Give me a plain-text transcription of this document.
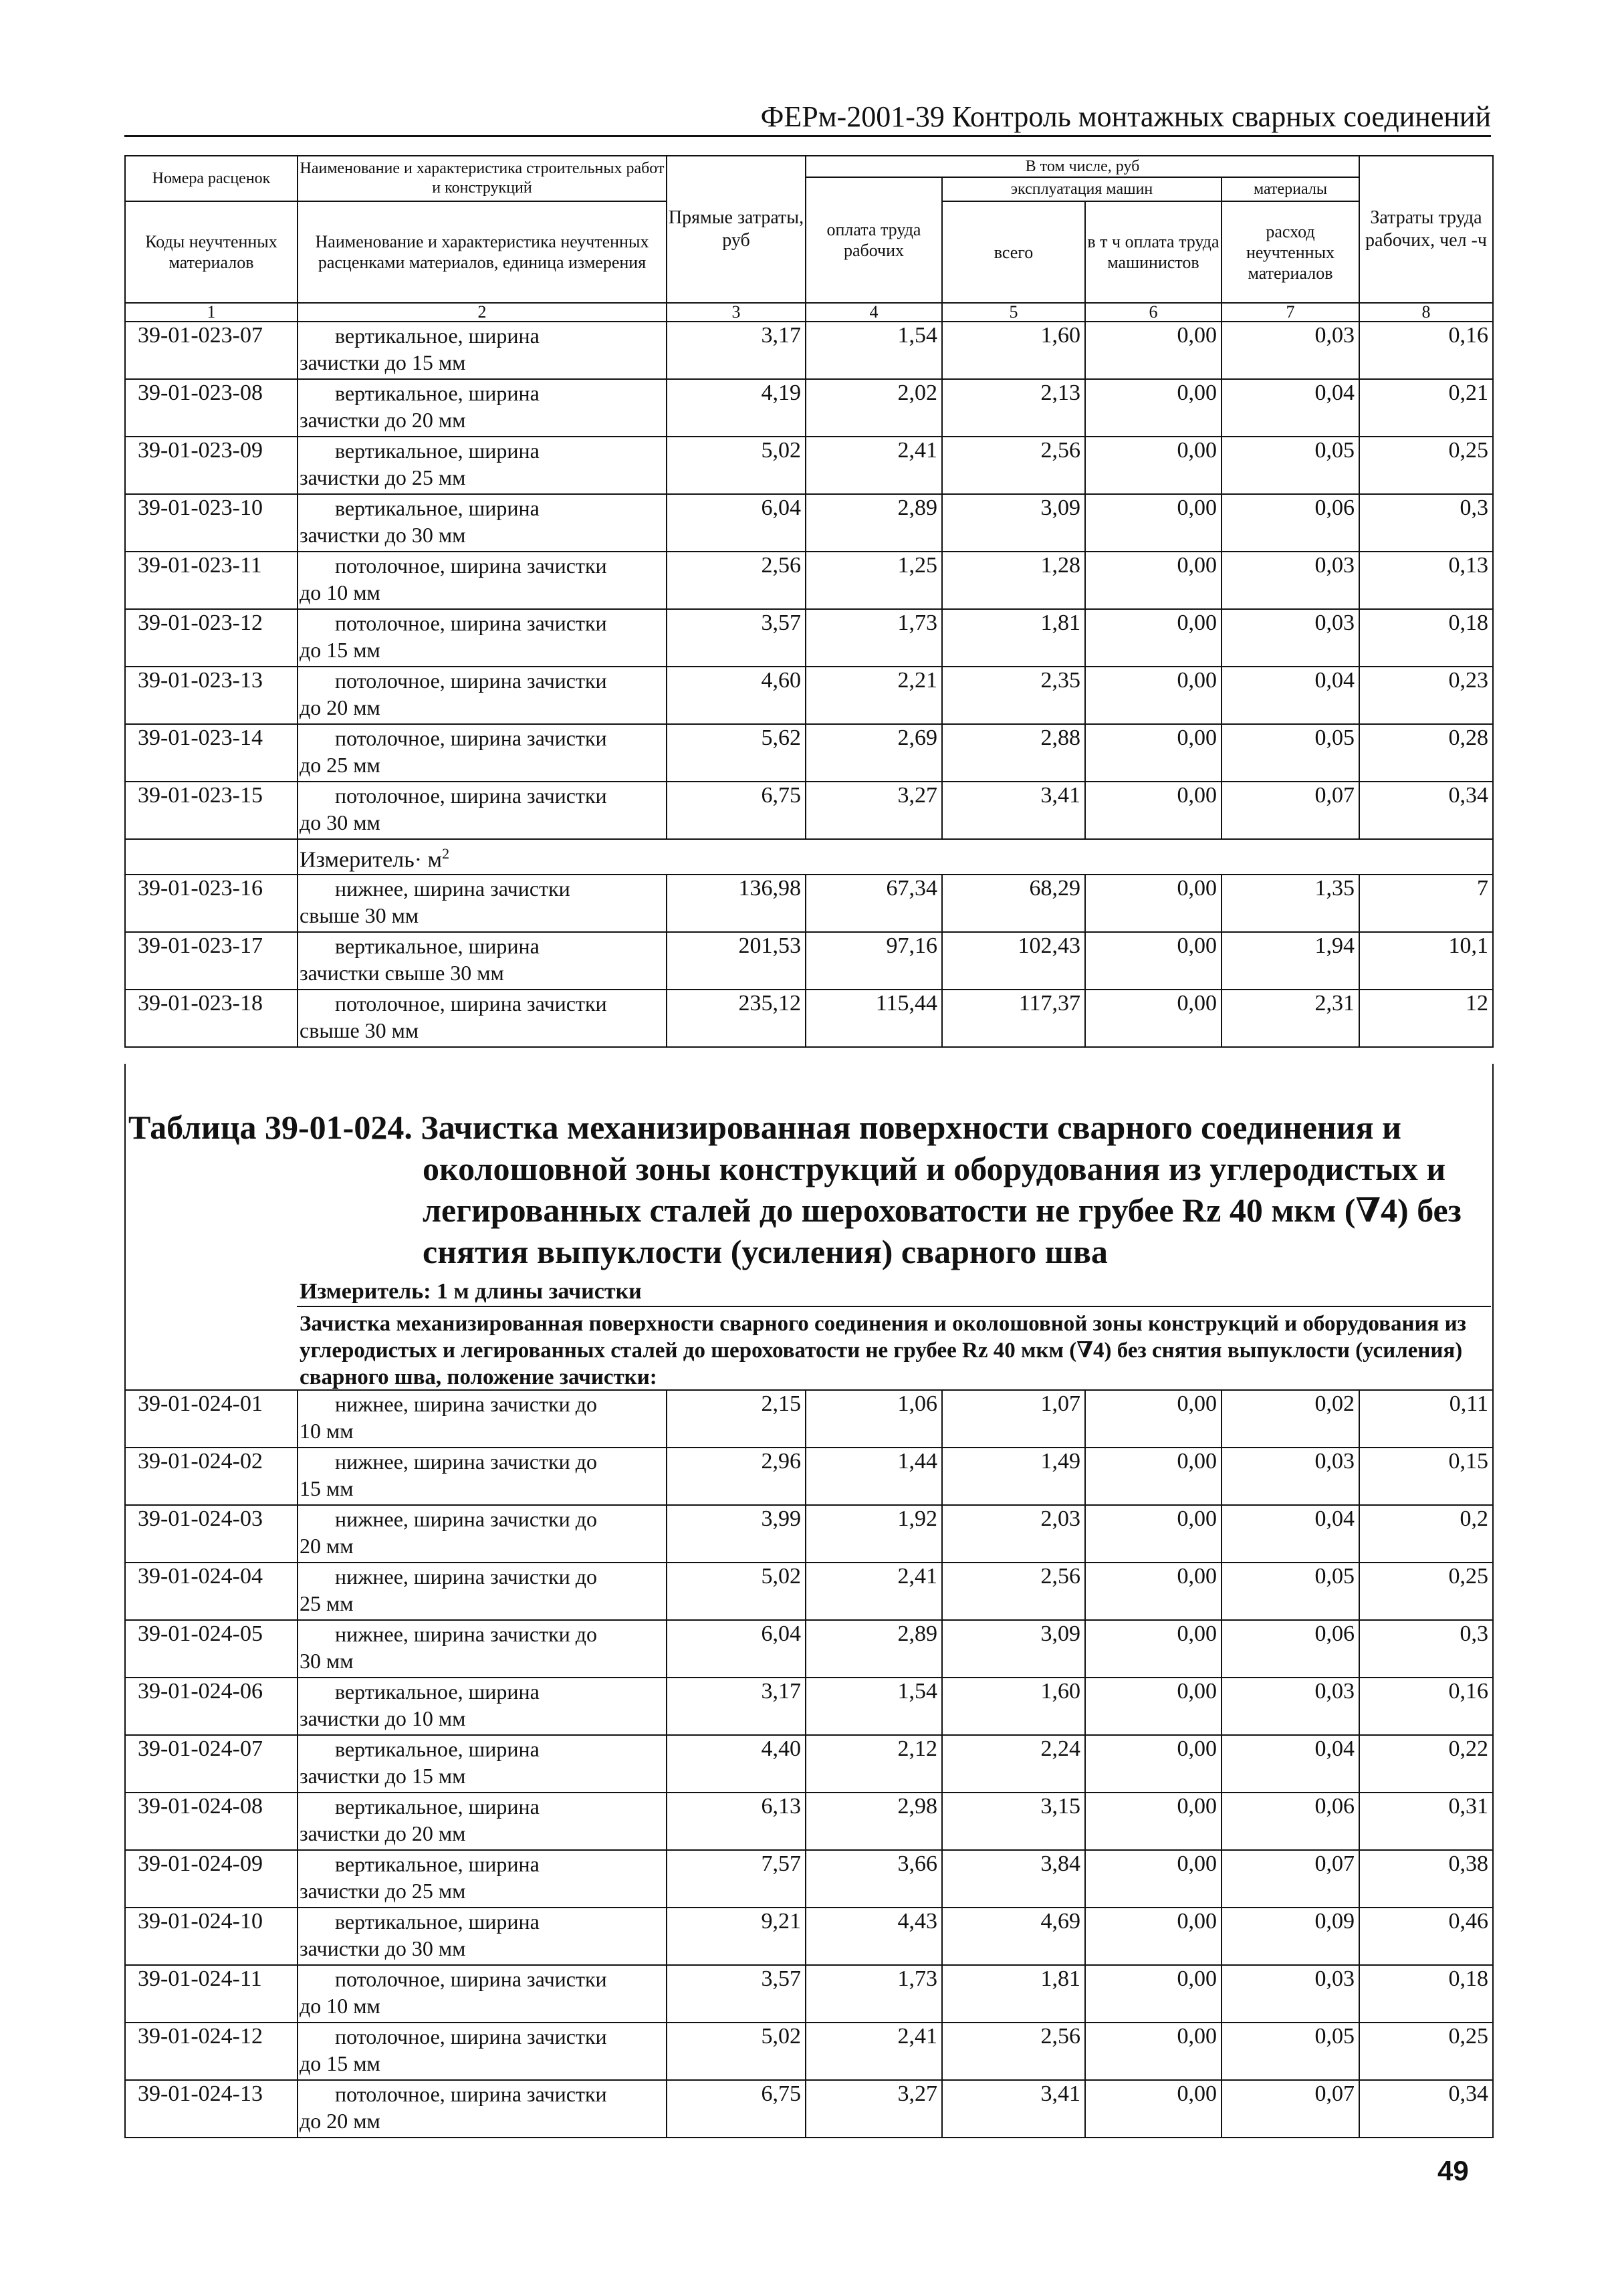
ФЕРм-2001-39 Контроль монтажных сварных соединений
Номера расценок	Наименование и характеристика строительных работ и конструкций	Прямые затраты, руб	В том числе, руб				Затраты труда рабочих, чел -ч
			оплата труда рабочих	эксплуатация машин		материалы	
Коды неучтенных материалов	Наименование и характеристика неучтенных расценками материалов, единица измерения			всего	в т ч оплата труда машинистов	расход неучтенных материалов	

1	2	3	4	5	6	7	8
39-01-023-07	вертикальное, ширина
зачистки до 15 мм	3,17	1,54	1,60	0,00	0,03	0,16
39-01-023-08	вертикальное, ширина
зачистки до 20 мм	4,19	2,02	2,13	0,00	0,04	0,21
39-01-023-09	вертикальное, ширина
зачистки до 25 мм	5,02	2,41	2,56	0,00	0,05	0,25
39-01-023-10	вертикальное, ширина
зачистки до 30 мм	6,04	2,89	3,09	0,00	0,06	0,3
39-01-023-11	потолочное, ширина зачистки
до 10 мм	2,56	1,25	1,28	0,00	0,03	0,13
39-01-023-12	потолочное, ширина зачистки
до 15 мм	3,57	1,73	1,81	0,00	0,03	0,18
39-01-023-13	потолочное, ширина зачистки
до 20 мм	4,60	2,21	2,35	0,00	0,04	0,23
39-01-023-14	потолочное, ширина зачистки
до 25 мм	5,62	2,69	2,88	0,00	0,05	0,28
39-01-023-15	потолочное, ширина зачистки
до 30 мм	6,75	3,27	3,41	0,00	0,07	0,34
	Измеритель· $м^2$
39-01-023-16	нижнее, ширина зачистки
свыше 30 мм	136,98	67,34	68,29	0,00	1,35	7
39-01-023-17	вертикальное, ширина
зачистки свыше 30 мм	201,53	97,16	102,43	0,00	1,94	10,1
39-01-023-18	потолочное, ширина зачистки
свыше 30 мм	235,12	115,44	117,37	0,00	2,31	12
Таблица 39-01-024. Зачистка механизированная поверхности сварного соединения и
околошовной зоны конструкций и оборудования из углеродистых и
легированных сталей до шероховатости не грубее Rz 40 мкм (∇4) без
снятия выпуклости (усиления) сварного шва
Измеритель: 1 м длины зачистки
Зачистка механизированная поверхности сварного соединения и околошовной зоны конструкций и оборудования из углеродистых и легированных сталей до шероховатости не грубее Rz 40 мкм (∇4) без снятия выпуклости (усиления) сварного шва, положение зачистки:
39-01-024-01	нижнее, ширина зачистки до
10 мм	2,15	1,06	1,07	0,00	0,02	0,11
39-01-024-02	нижнее, ширина зачистки до
15 мм	2,96	1,44	1,49	0,00	0,03	0,15
39-01-024-03	нижнее, ширина зачистки до
20 мм	3,99	1,92	2,03	0,00	0,04	0,2
39-01-024-04	нижнее, ширина зачистки до
25 мм	5,02	2,41	2,56	0,00	0,05	0,25
39-01-024-05	нижнее, ширина зачистки до
30 мм	6,04	2,89	3,09	0,00	0,06	0,3
39-01-024-06	вертикальное, ширина
зачистки до 10 мм	3,17	1,54	1,60	0,00	0,03	0,16
39-01-024-07	вертикальное, ширина
зачистки до 15 мм	4,40	2,12	2,24	0,00	0,04	0,22
39-01-024-08	вертикальное, ширина
зачистки до 20 мм	6,13	2,98	3,15	0,00	0,06	0,31
39-01-024-09	вертикальное, ширина
зачистки до 25 мм	7,57	3,66	3,84	0,00	0,07	0,38
39-01-024-10	вертикальное, ширина
зачистки до 30 мм	9,21	4,43	4,69	0,00	0,09	0,46
39-01-024-11	потолочное, ширина зачистки
до 10 мм	3,57	1,73	1,81	0,00	0,03	0,18
39-01-024-12	потолочное, ширина зачистки
до 15 мм	5,02	2,41	2,56	0,00	0,05	0,25
39-01-024-13	потолочное, ширина зачистки
до 20 мм	6,75	3,27	3,41	0,00	0,07	0,34
49
